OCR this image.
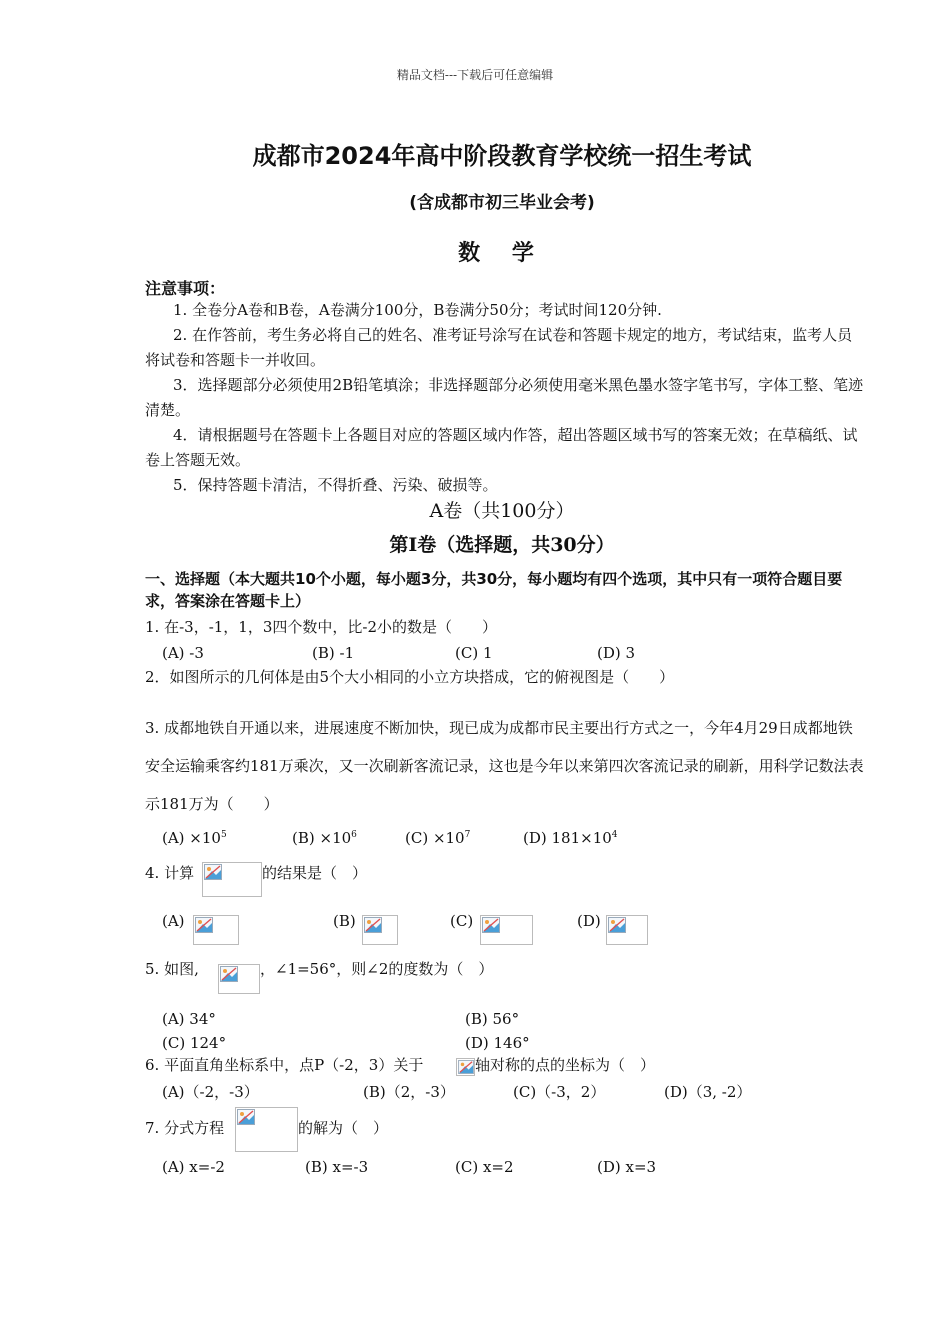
精品文档---下载后可任意编辑
成都市2024年高中阶段教育学校统一招生考试
(含成都市初三毕业会考)
数 学
注意事项：
1. 全卷分A卷和B卷，A卷满分100分，B卷满分50分；考试时间120分钟.
2. 在作答前，考生务必将自己的姓名、准考证号涂写在试卷和答题卡规定的地方，考试结束，监考人员将试卷和答题卡一并收回。
3．选择题部分必须使用2B铅笔填涂；非选择题部分必须使用毫米黑色墨水签字笔书写，字体工整、笔迹清楚。
4．请根据题号在答题卡上各题目对应的答题区域内作答，超出答题区域书写的答案无效；在草稿纸、试卷上答题无效。
5．保持答题卡清洁，不得折叠、污染、破损等。
A卷（共100分）
第Ⅰ卷（选择题，共30分）
一、选择题（本大题共10个小题，每小题3分，共30分，每小题均有四个选项，其中只有一项符合题目要求，答案涂在答题卡上）
1. 在-3，-1，1，3四个数中，比-2小的数是（　　）
(A) -3	(B) -1	(C) 1	(D) 3
2．如图所示的几何体是由5个大小相同的小立方块搭成，它的俯视图是（　　）
3. 成都地铁自开通以来，进展速度不断加快，现已成为成都市民主要出行方式之一，今年4月29日成都地铁安全运输乘客约181万乘次，又一次刷新客流记录，这也是今年以来第四次客流记录的刷新，用科学记数法表示181万为（　　）
$(A) \times 10^5$	$(B) \times 10^6$	$(C) \times 10^7$	(D) $181\times 10^4$
4. 计算	的结果是（　）
(A)	(B)	(C)	(D)
5. 如图,	，∠1=56°，则∠2的度数为（　）
(A) 34°	(B) 56°
(C) 124°	(D) 146°
6. 平面直角坐标系中，点P（-2，3）关于	轴对称的点的坐标为（　）
(A)（-2，-3）	(B)（2，-3）	(C)（-3，2）	(D)（3, -2）
7. 分式方程	的解为（　）
(A) x=-2	(B) x=-3	(C) x=2	(D) x=3
